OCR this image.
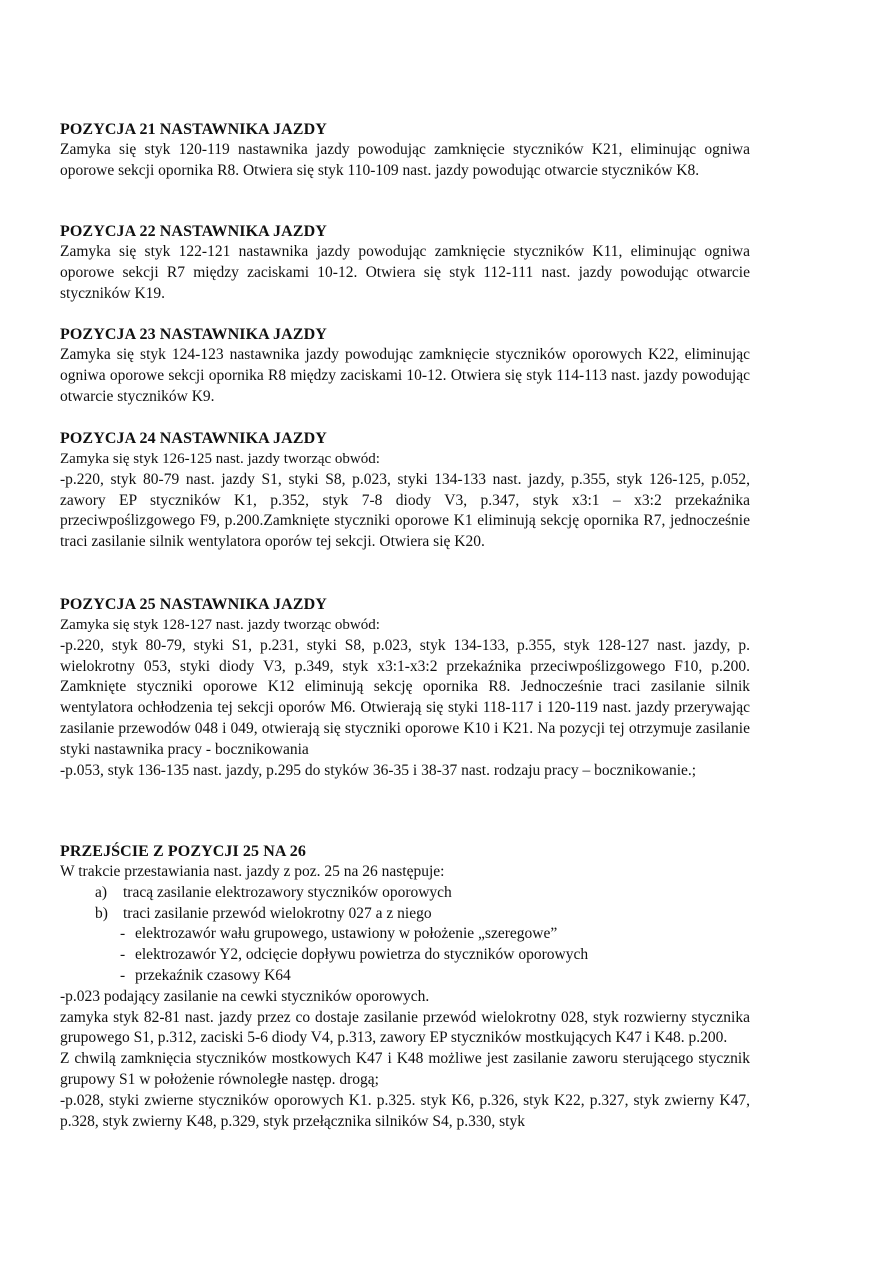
POZYCJA 21 NASTAWNIKA JAZDY

Zamyka się styk 120-119 nastawnika jazdy powodując zamknięcie styczników K21, eliminując ogniwa oporowe sekcji opornika R8. Otwiera się styk 110-109 nast. jazdy powodując otwarcie styczników K8.

POZYCJA 22 NASTAWNIKA JAZDY

Zamyka się styk 122-121 nastawnika jazdy powodując zamknięcie styczników K11, eliminując ogniwa oporowe sekcji R7 między zaciskami 10-12. Otwiera się styk 112-111 nast. jazdy powodując otwarcie styczników K19.

POZYCJA 23 NASTAWNIKA JAZDY

Zamyka się styk 124-123 nastawnika jazdy powodując zamknięcie styczników oporowych K22, eliminując ogniwa oporowe sekcji opornika R8 między zaciskami 10-12. Otwiera się styk 114-113 nast. jazdy powodując otwarcie styczników K9.

POZYCJA 24 NASTAWNIKA JAZDY

Zamyka się styk 126-125 nast. jazdy tworząc obwód:

-p.220, styk 80-79 nast. jazdy S1, styki S8, p.023, styki 134-133 nast. jazdy, p.355, styk 126-125, p.052, zawory EP styczników K1, p.352, styk 7-8 diody V3, p.347, styk x3:1 – x3:2 przekaźnika przeciwpoślizgowego F9, p.200.Zamknięte styczniki oporowe K1 eliminują sekcję opornika R7, jednocześnie traci zasilanie silnik wentylatora oporów tej sekcji. Otwiera się K20.

POZYCJA 25 NASTAWNIKA JAZDY

Zamyka się styk 128-127 nast. jazdy tworząc obwód:

-p.220, styk 80-79, styki S1, p.231, styki S8, p.023, styk 134-133, p.355, styk 128-127 nast. jazdy, p. wielokrotny 053, styki diody V3, p.349, styk x3:1-x3:2 przekaźnika przeciwpoślizgowego F10, p.200. Zamknięte styczniki oporowe K12 eliminują sekcję opornika R8. Jednocześnie traci zasilanie silnik wentylatora ochłodzenia tej sekcji oporów M6. Otwierają się styki 118-117 i 120-119 nast. jazdy przerywając zasilanie przewodów 048 i 049, otwierają się styczniki oporowe K10 i K21. Na pozycji tej otrzymuje zasilanie styki nastawnika pracy - bocznikowania

-p.053, styk 136-135 nast. jazdy, p.295 do styków 36-35 i 38-37 nast. rodzaju pracy – bocznikowanie.;

PRZEJŚCIE Z POZYCJI 25 NA 26

W trakcie przestawiania nast. jazdy z poz. 25 na 26 następuje:

a)	tracą zasilanie elektrozawory styczników oporowych
b) traci zasilanie przewód wielokrotny 027 a z niego
- elektrozawór wału grupowego, ustawiony w położenie „szeregowe”
- elektrozawór Y2, odcięcie dopływu powietrza do styczników oporowych
- przekaźnik czasowy K64

-p.023 podający zasilanie na cewki styczników oporowych.

zamyka styk 82-81 nast. jazdy przez co dostaje zasilanie przewód wielokrotny 028, styk rozwierny stycznika grupowego S1, p.312, zaciski 5-6 diody V4, p.313, zawory EP styczników mostkujących K47 i K48. p.200.

Z chwilą zamknięcia styczników mostkowych K47 i K48 możliwe jest zasilanie zaworu sterującego stycznik grupowy S1 w położenie równoległe następ. drogą;

-p.028, styki zwierne styczników oporowych K1. p.325. styk K6, p.326, styk K22, p.327, styk zwierny K47, p.328, styk zwierny K48, p.329, styk przełącznika silników S4, p.330, styk
